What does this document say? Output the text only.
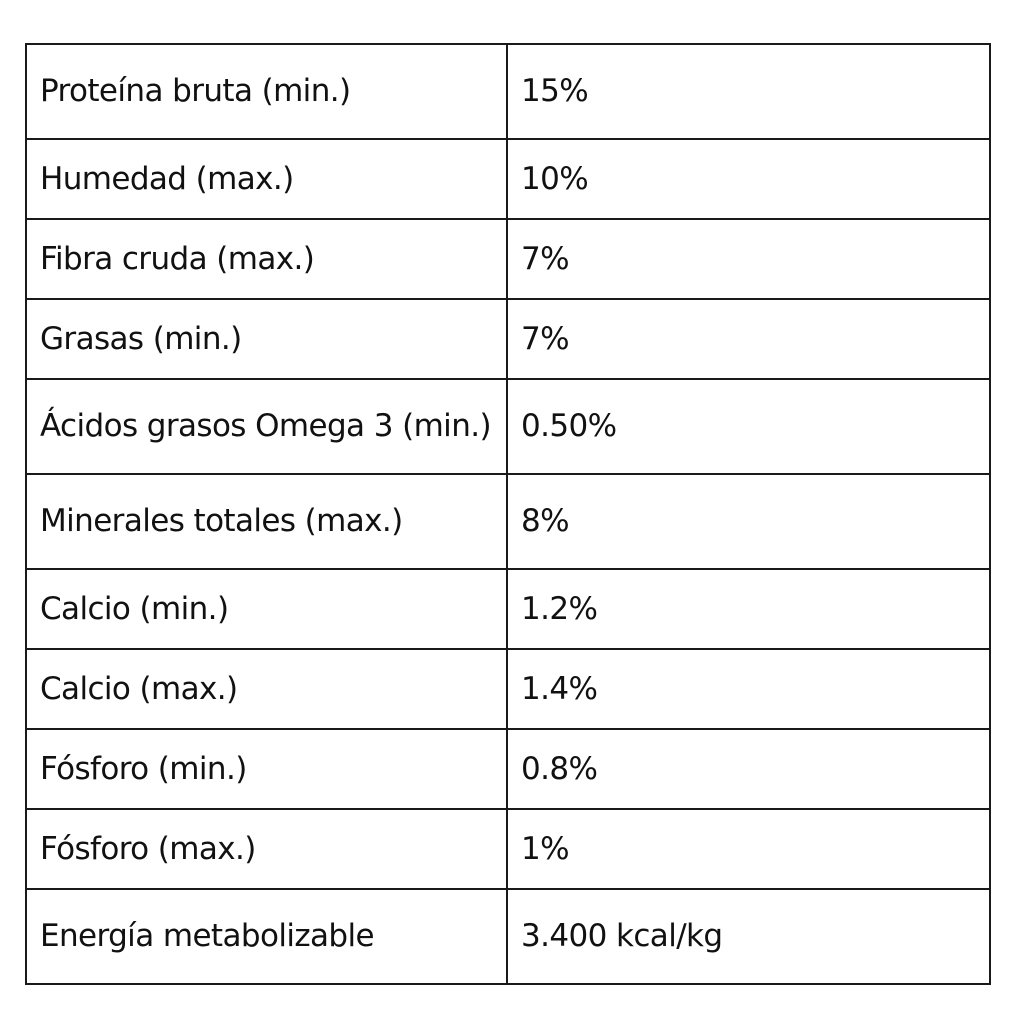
Proteína bruta (min.)	15%
Humedad (max.)	10%
Fibra cruda (max.)	7%
Grasas (min.)	7%
Ácidos grasos Omega 3 (min.)	0.50%
Minerales totales (max.)	8%
Calcio (min.)	1.2%
Calcio (max.)	1.4%
Fósforo (min.)	0.8%
Fósforo (max.)	1%
Energía metabolizable	3.400 kcal/kg
